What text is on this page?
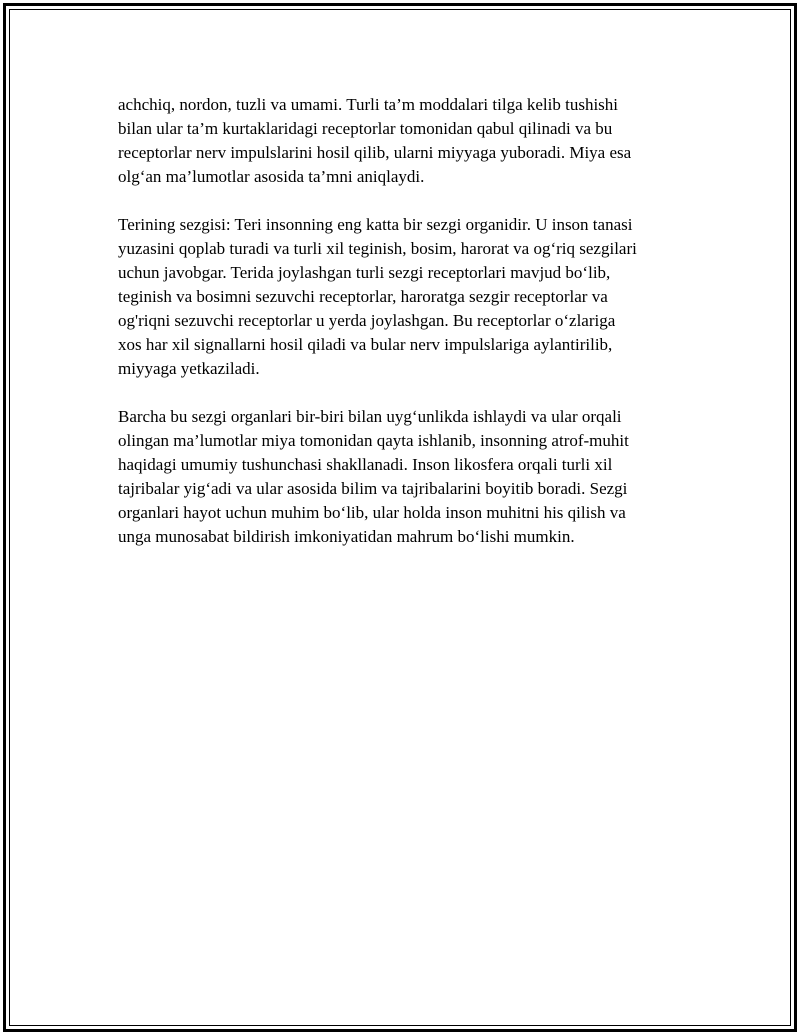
achchiq, nordon, tuzli va umami. Turli ta’m moddalari tilga kelib tushishi
bilan ular ta’m kurtaklaridagi receptorlar tomonidan qabul qilinadi va bu
receptorlar nerv impulslarini hosil qilib, ularni miyyaga yuboradi. Miya esa
olg‘an ma’lumotlar asosida ta’mni aniqlaydi.

Terining sezgisi: Teri insonning eng katta bir sezgi organidir. U inson tanasi
yuzasini qoplab turadi va turli xil teginish, bosim, harorat va og‘riq sezgilari
uchun javobgar. Terida joylashgan turli sezgi receptorlari mavjud bo‘lib,
teginish va bosimni sezuvchi receptorlar, haroratga sezgir receptorlar va
og'riqni sezuvchi receptorlar u yerda joylashgan. Bu receptorlar o‘zlariga
xos har xil signallarni hosil qiladi va bular nerv impulslariga aylantirilib,
miyyaga yetkaziladi.

Barcha bu sezgi organlari bir-biri bilan uyg‘unlikda ishlaydi va ular orqali
olingan ma’lumotlar miya tomonidan qayta ishlanib, insonning atrof-muhit
haqidagi umumiy tushunchasi shakllanadi. Inson likosfera orqali turli xil
tajribalar yig‘adi va ular asosida bilim va tajribalarini boyitib boradi. Sezgi
organlari hayot uchun muhim bo‘lib, ular holda inson muhitni his qilish va
unga munosabat bildirish imkoniyatidan mahrum bo‘lishi mumkin.
